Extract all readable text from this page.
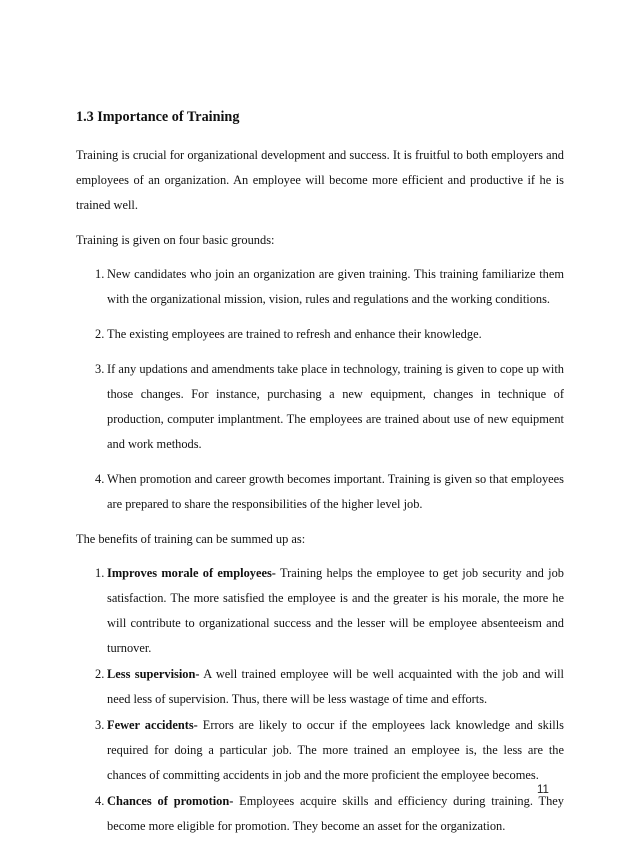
1.3 Importance of Training

Training is crucial for organizational development and success. It is fruitful to both employers and employees of an organization. An employee will become more efficient and productive if he is trained well.

Training is given on four basic grounds:

1. New candidates who join an organization are given training. This training familiarize them with the organizational mission, vision, rules and regulations and the working conditions.
2. The existing employees are trained to refresh and enhance their knowledge.
3. If any updations and amendments take place in technology, training is given to cope up with those changes. For instance, purchasing a new equipment, changes in technique of production, computer implantment. The employees are trained about use of new equipment and work methods.
4. When promotion and career growth becomes important. Training is given so that employees are prepared to share the responsibilities of the higher level job.

The benefits of training can be summed up as:

1. Improves morale of employees- Training helps the employee to get job security and job satisfaction. The more satisfied the employee is and the greater is his morale, the more he will contribute to organizational success and the lesser will be employee absenteeism and turnover.
2. Less supervision- A well trained employee will be well acquainted with the job and will need less of supervision. Thus, there will be less wastage of time and efforts.
3. Fewer accidents- Errors are likely to occur if the employees lack knowledge and skills required for doing a particular job. The more trained an employee is, the less are the chances of committing accidents in job and the more proficient the employee becomes.
4. Chances of promotion- Employees acquire skills and efficiency during training. They become more eligible for promotion. They become an asset for the organization.
11
